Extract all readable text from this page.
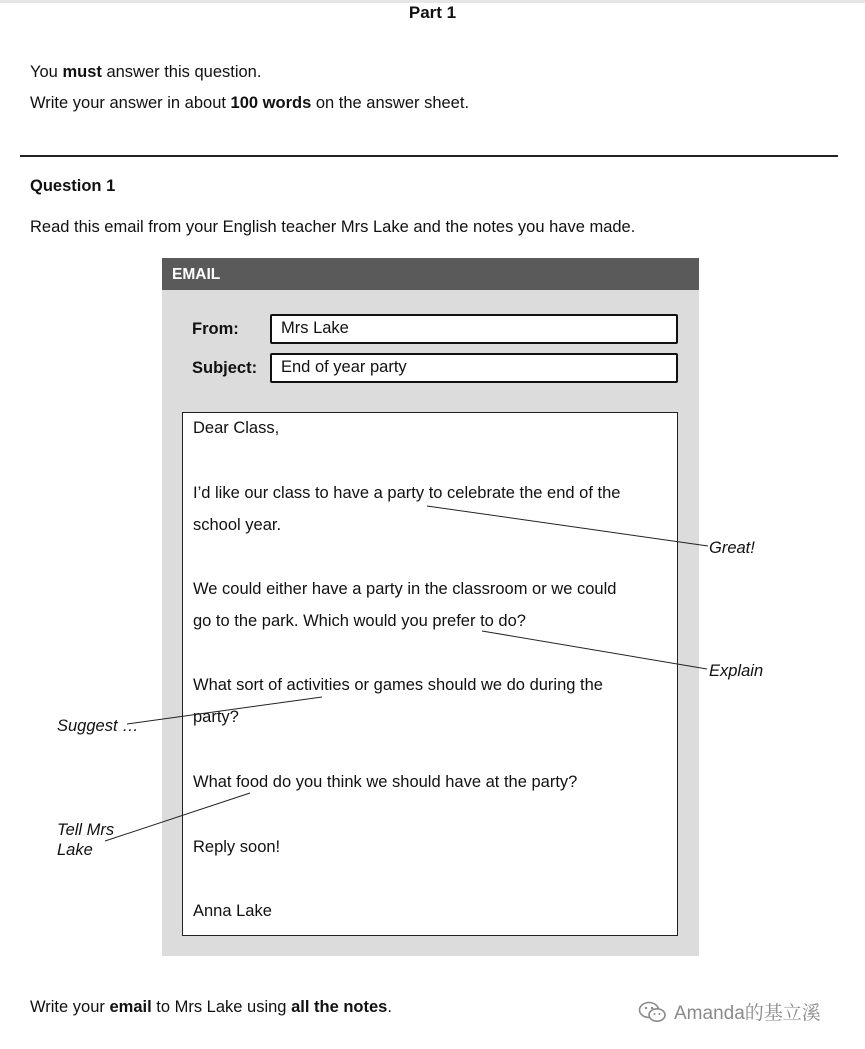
Part 1
You must answer this question.
Write your answer in about 100 words on the answer sheet.
Question 1
Read this email from your English teacher Mrs Lake and the notes you have made.
EMAIL
From:	Mrs Lake
Subject:	End of year party
Dear Class,
I’d like our class to have a party to celebrate the end of the
school year.
We could either have a party in the classroom or we could
go to the park. Which would you prefer to do?
What sort of activities or games should we do during the
party?
What food do you think we should have at the party?
Reply soon!
Anna Lake
Great!
Explain
Suggest …
Tell Mrs
Lake
Write your email to Mrs Lake using all the notes.	Amanda的基立溪
